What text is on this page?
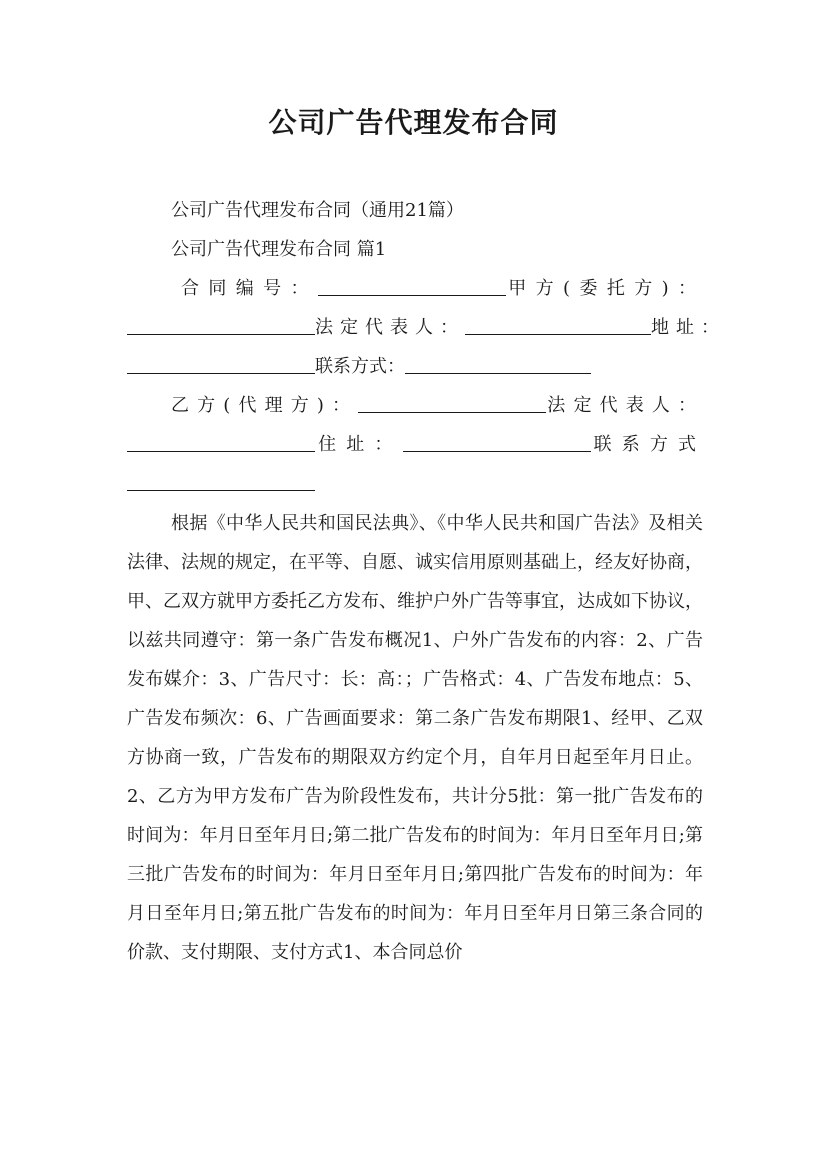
公司广告代理发布合同
公司广告代理发布合同（通用21篇）
公司广告代理发布合同 篇1
合同编号：	甲方(委托方)：
法定代表人：	地址：
联系方式：
乙方(代理方)：	法定代表人：
住址：	联系方式
根据《中华人民共和国民法典》、《中华人民共和国广告法》及相关法律、法规的规定，在平等、自愿、诚实信用原则基础上，经友好协商，甲、乙双方就甲方委托乙方发布、维护户外广告等事宜，达成如下协议，以兹共同遵守：第一条广告发布概况1、户外广告发布的内容：2、广告发布媒介：3、广告尺寸：长：高：；广告格式：4、广告发布地点：5、广告发布频次：6、广告画面要求：第二条广告发布期限1、经甲、乙双方协商一致，广告发布的期限双方约定个月，自年月日起至年月日止。2、乙方为甲方发布广告为阶段性发布，共计分5批：第一批广告发布的时间为：年月日至年月日;第二批广告发布的时间为：年月日至年月日;第三批广告发布的时间为：年月日至年月日;第四批广告发布的时间为：年月日至年月日;第五批广告发布的时间为：年月日至年月日第三条合同的价款、支付期限、支付方式1、本合同总价
